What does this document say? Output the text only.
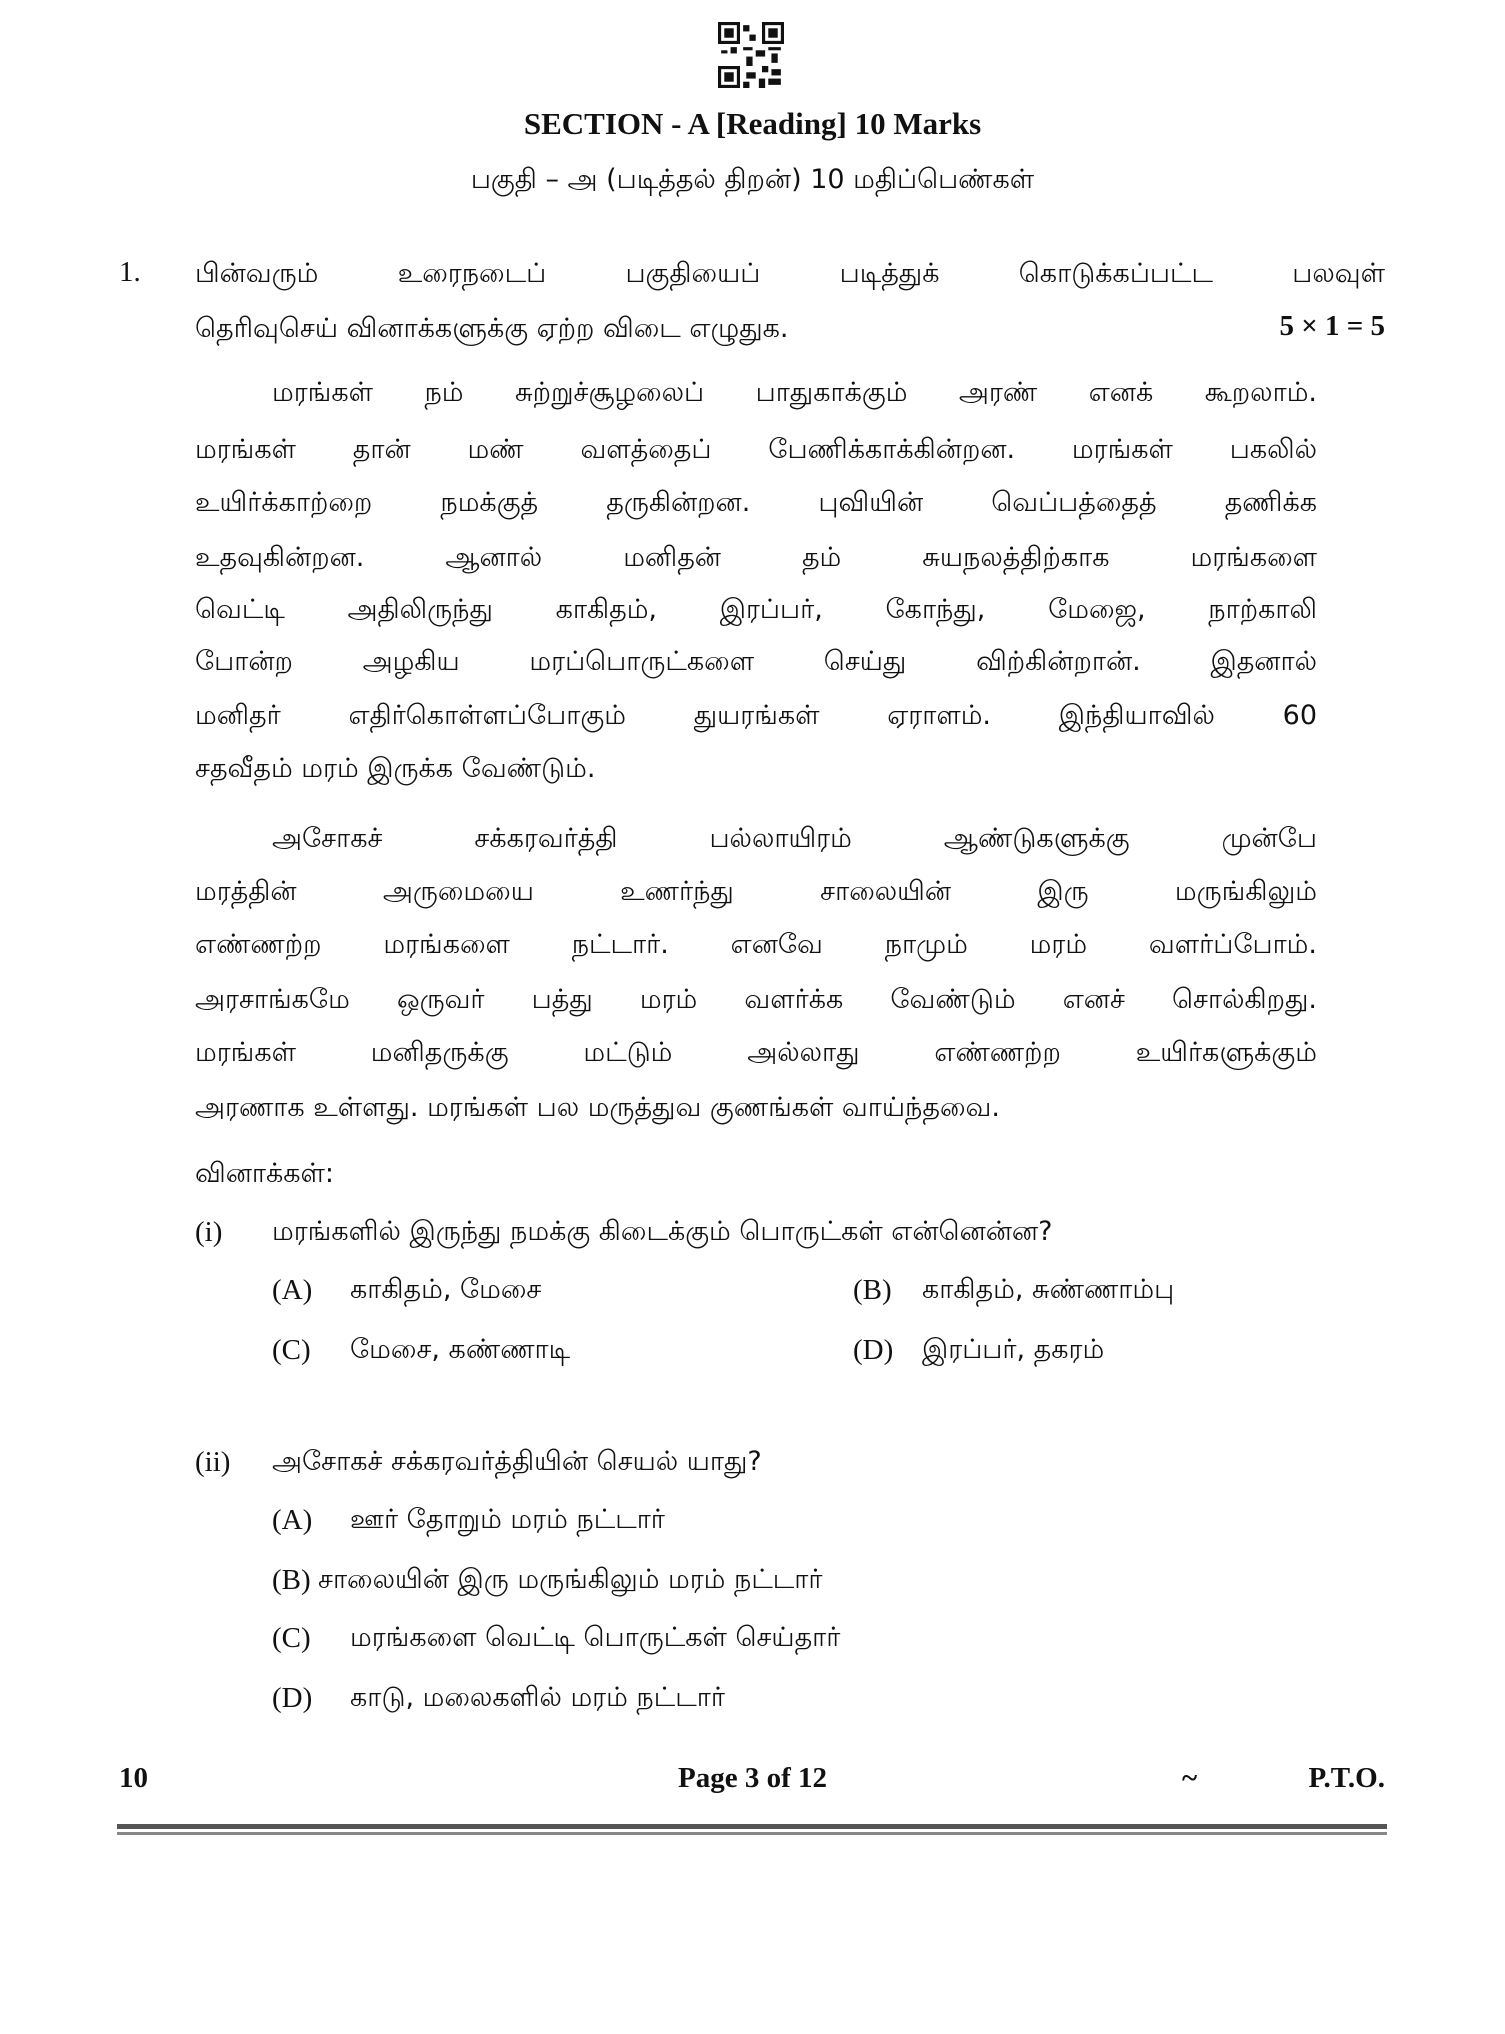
SECTION - A [Reading] 10 Marks
பகுதி – அ (படித்தல் திறன்) 10 மதிப்பெண்கள்
1. பின்வரும் உரைநடைப் பகுதியைப் படித்துக் கொடுக்கப்பட்ட பலவுள்
தெரிவுசெய் வினாக்களுக்கு ஏற்ற விடை எழுதுக.	5 × 1 = 5
மரங்கள் நம் சுற்றுச்சூழலைப் பாதுகாக்கும் அரண் எனக் கூறலாம்.
மரங்கள் தான் மண் வளத்தைப் பேணிக்காக்கின்றன. மரங்கள் பகலில்
உயிர்க்காற்றை நமக்குத் தருகின்றன. புவியின் வெப்பத்தைத் தணிக்க
உதவுகின்றன. ஆனால் மனிதன் தம் சுயநலத்திற்காக மரங்களை
வெட்டி அதிலிருந்து காகிதம், இரப்பர், கோந்து, மேஜை, நாற்காலி
போன்ற அழகிய மரப்பொருட்களை செய்து விற்கின்றான். இதனால்
மனிதர் எதிர்கொள்ளப்போகும் துயரங்கள் ஏராளம். இந்தியாவில் 60
சதவீதம் மரம் இருக்க வேண்டும்.
அசோகச் சக்கரவர்த்தி பல்லாயிரம் ஆண்டுகளுக்கு முன்பே
மரத்தின் அருமையை உணர்ந்து சாலையின் இரு மருங்கிலும்
எண்ணற்ற மரங்களை நட்டார். எனவே நாமும் மரம் வளர்ப்போம்.
அரசாங்கமே ஒருவர் பத்து மரம் வளர்க்க வேண்டும் எனச் சொல்கிறது.
மரங்கள் மனிதருக்கு மட்டும் அல்லாது எண்ணற்ற உயிர்களுக்கும்
அரணாக உள்ளது. மரங்கள் பல மருத்துவ குணங்கள் வாய்ந்தவை.
வினாக்கள்:
(i) மரங்களில் இருந்து நமக்கு கிடைக்கும் பொருட்கள் என்னென்ன?
(A) காகிதம், மேசை	(B) காகிதம், சுண்ணாம்பு
(C) மேசை, கண்ணாடி	(D) இரப்பர், தகரம்
(ii) அசோகச் சக்கரவர்த்தியின் செயல் யாது?
(A) ஊர் தோறும் மரம் நட்டார்
(B) சாலையின் இரு மருங்கிலும் மரம் நட்டார்
(C) மரங்களை வெட்டி பொருட்கள் செய்தார்
(D) காடு, மலைகளில் மரம் நட்டார்
10	Page 3 of 12	~	P.T.O.
